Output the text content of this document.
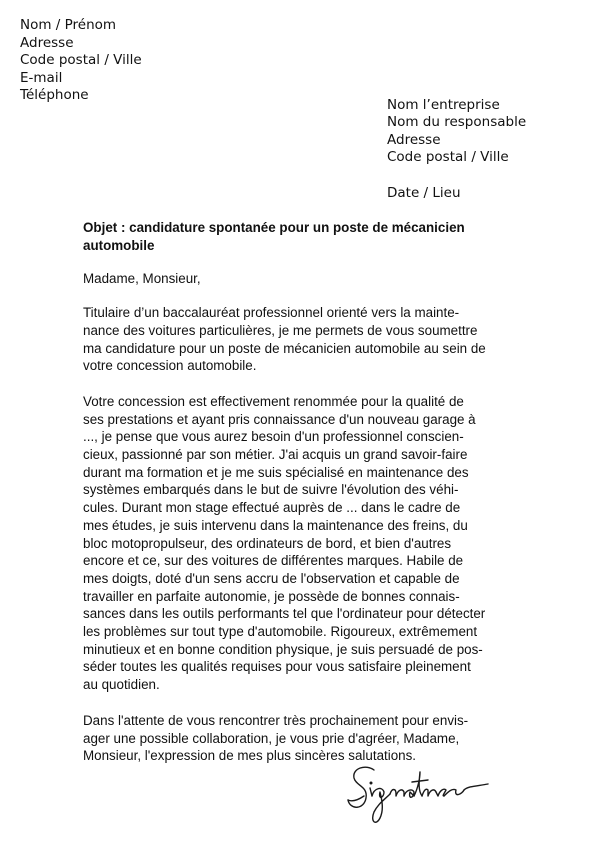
Nom / Prénom
Adresse
Code postal / Ville
E-mail
Téléphone
Nom l’entreprise
Nom du responsable
Adresse
Code postal / Ville
Date / Lieu
Objet : candidature spontanée pour un poste de mécanicien
automobile
Madame, Monsieur,
Titulaire d’un baccalauréat professionnel orienté vers la mainte-
nance des voitures particulières, je me permets de vous soumettre
ma candidature pour un poste de mécanicien automobile au sein de
votre concession automobile.
Votre concession est effectivement renommée pour la qualité de
ses prestations et ayant pris connaissance d'un nouveau garage à
..., je pense que vous aurez besoin d'un professionnel conscien-
cieux, passionné par son métier. J'ai acquis un grand savoir-faire
durant ma formation et je me suis spécialisé en maintenance des
systèmes embarqués dans le but de suivre l'évolution des véhi-
cules. Durant mon stage effectué auprès de ... dans le cadre de
mes études, je suis intervenu dans la maintenance des freins, du
bloc motopropulseur, des ordinateurs de bord, et bien d'autres
encore et ce, sur des voitures de différentes marques. Habile de
mes doigts, doté d'un sens accru de l'observation et capable de
travailler en parfaite autonomie, je possède de bonnes connais-
sances dans les outils performants tel que l'ordinateur pour détecter
les problèmes sur tout type d'automobile. Rigoureux, extrêmement
minutieux et en bonne condition physique, je suis persuadé de pos-
séder toutes les qualités requises pour vous satisfaire pleinement
au quotidien.
Dans l'attente de vous rencontrer très prochainement pour envis-
ager une possible collaboration, je vous prie d'agréer, Madame,
Monsieur, l'expression de mes plus sincères salutations.
